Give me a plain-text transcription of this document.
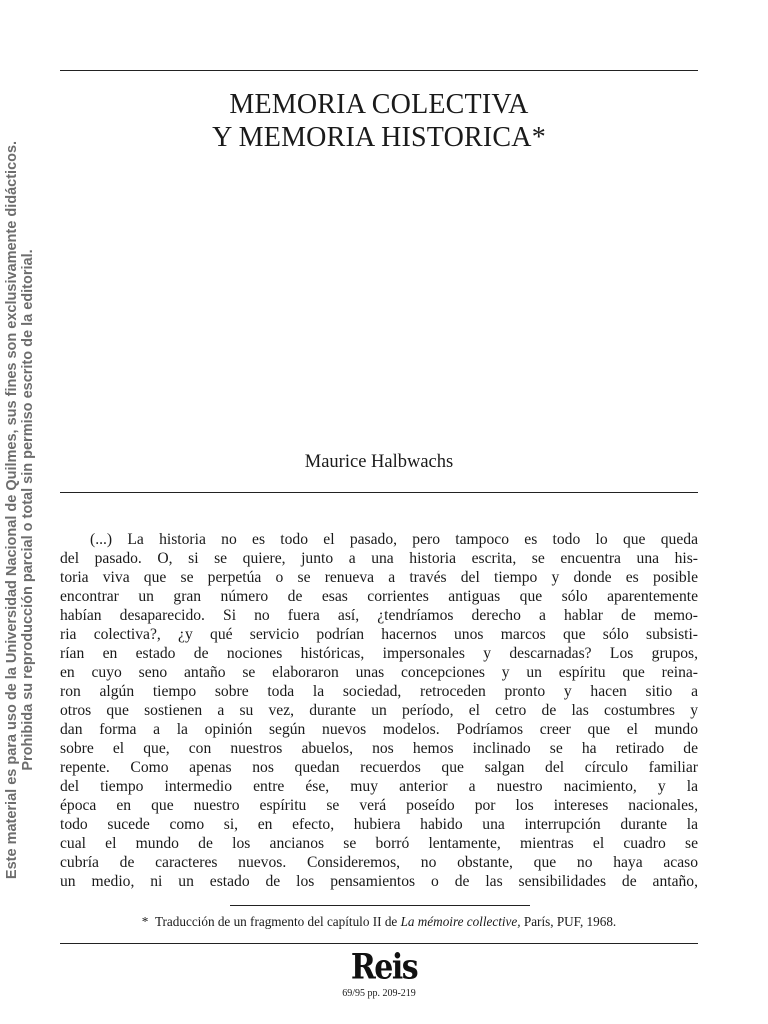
Este material es para uso de la Universidad Nacional de Quilmes, sus fines son exclusivamente didácticos. Prohibida su reproducción parcial o total sin permiso escrito de la editorial.
MEMORIA COLECTIVA
Y MEMORIA HISTORICA*
Maurice Halbwachs
(...) La historia no es todo el pasado, pero tampoco es todo lo que queda
del pasado. O, si se quiere, junto a una historia escrita, se encuentra una his-
toria viva que se perpetúa o se renueva a través del tiempo y donde es posible
encontrar un gran número de esas corrientes antiguas que sólo aparentemente
habían desaparecido. Si no fuera así, ¿tendríamos derecho a hablar de memo-
ria colectiva?, ¿y qué servicio podrían hacernos unos marcos que sólo subsisti-
rían en estado de nociones históricas, impersonales y descarnadas? Los grupos,
en cuyo seno antaño se elaboraron unas concepciones y un espíritu que reina-
ron algún tiempo sobre toda la sociedad, retroceden pronto y hacen sitio a
otros que sostienen a su vez, durante un período, el cetro de las costumbres y
dan forma a la opinión según nuevos modelos. Podríamos creer que el mundo
sobre el que, con nuestros abuelos, nos hemos inclinado se ha retirado de
repente. Como apenas nos quedan recuerdos que salgan del círculo familiar
del tiempo intermedio entre ése, muy anterior a nuestro nacimiento, y la
época en que nuestro espíritu se verá poseído por los intereses nacionales,
todo sucede como si, en efecto, hubiera habido una interrupción durante la
cual el mundo de los ancianos se borró lentamente, mientras el cuadro se
cubría de caracteres nuevos. Consideremos, no obstante, que no haya acaso
un medio, ni un estado de los pensamientos o de las sensibilidades de antaño,
* Traducción de un fragmento del capítulo II de La mémoire collective, París, PUF, 1968.
Reis
69/95 pp. 209-219
